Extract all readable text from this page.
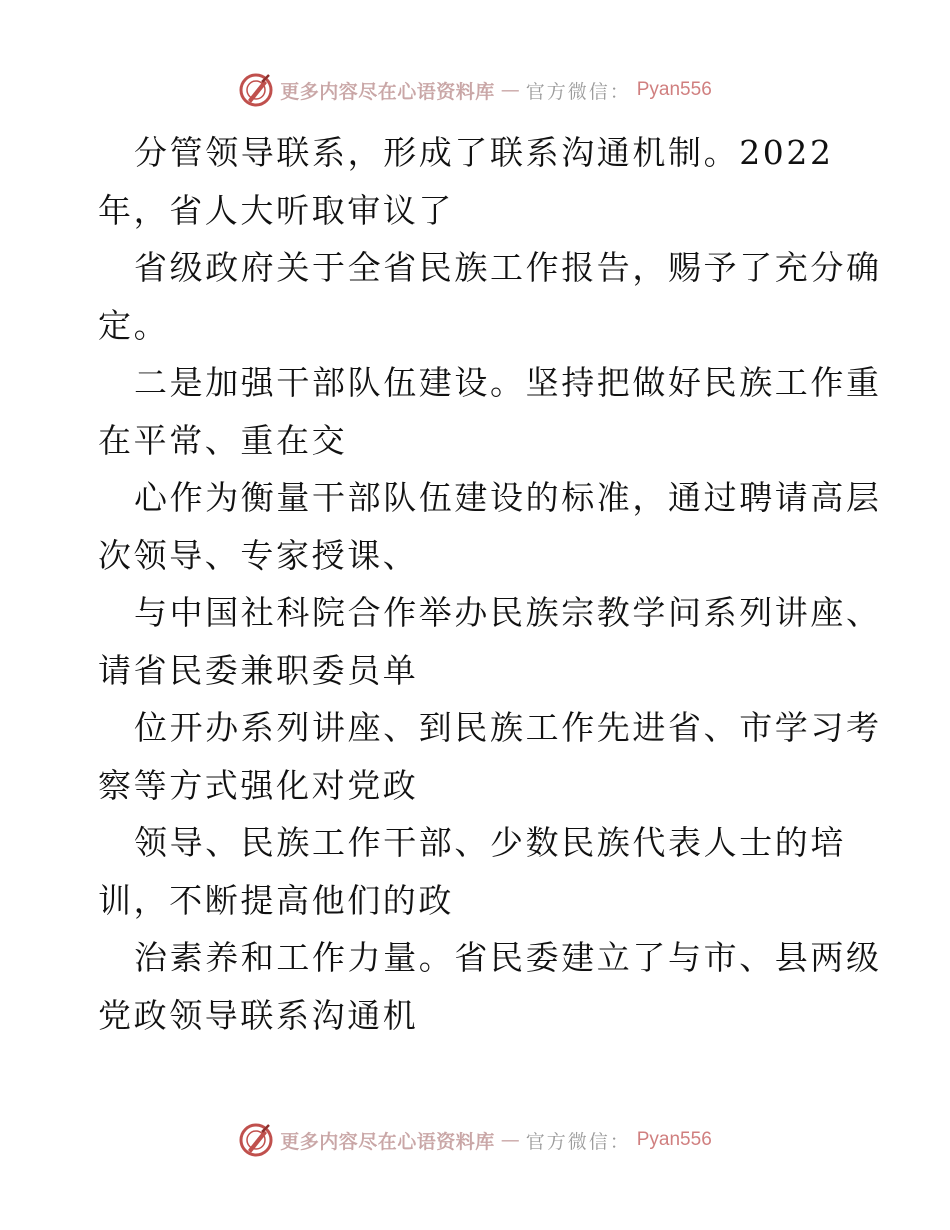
更多内容尽在心语资料库 — 官方微信： Pyan556
分管领导联系，形成了联系沟通机制。2022
年，省人大听取审议了
省级政府关于全省民族工作报告，赐予了充分确
定。
二是加强干部队伍建设。坚持把做好民族工作重
在平常、重在交
心作为衡量干部队伍建设的标准，通过聘请高层
次领导、专家授课、
与中国社科院合作举办民族宗教学问系列讲座、
请省民委兼职委员单
位开办系列讲座、到民族工作先进省、市学习考
察等方式强化对党政
领导、民族工作干部、少数民族代表人士的培
训，不断提高他们的政
治素养和工作力量。省民委建立了与市、县两级
党政领导联系沟通机
更多内容尽在心语资料库 — 官方微信： Pyan556
